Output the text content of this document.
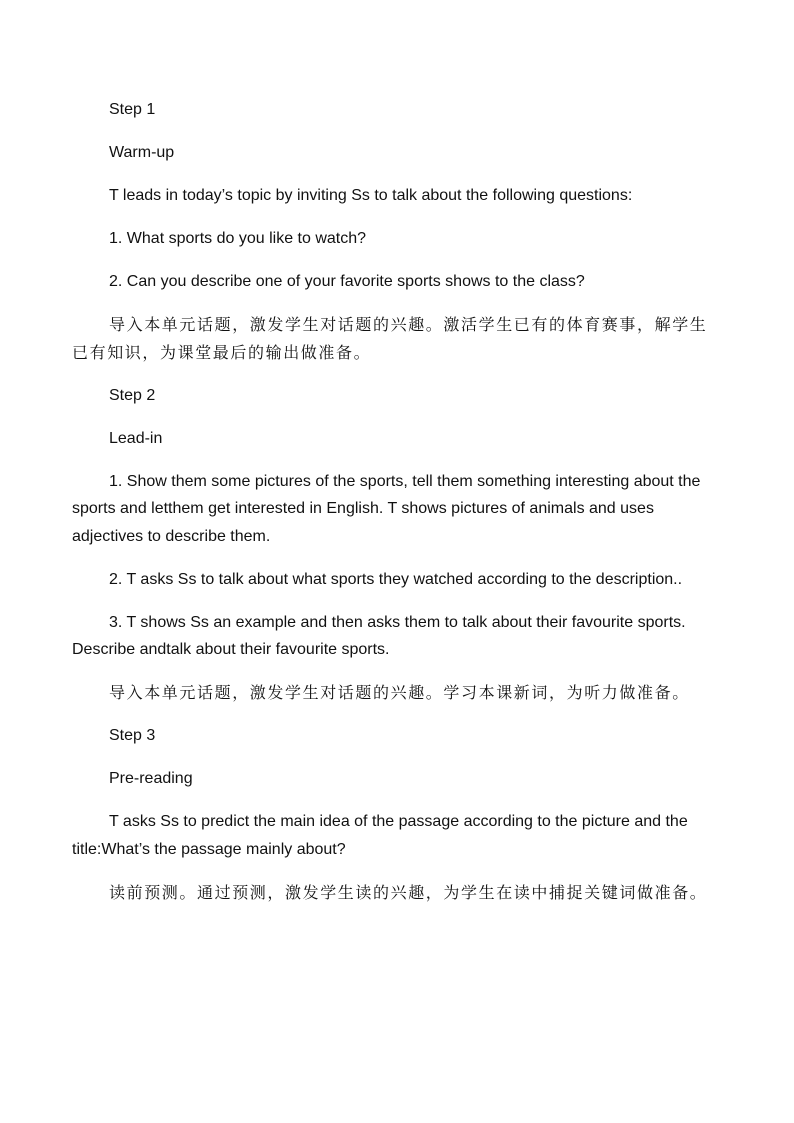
Step 1

Warm-up

T leads in today’s topic by inviting Ss to talk about the following questions:

1. What sports do you like to watch?

2. Can you describe one of your favorite sports shows to the class?

导入本单元话题，激发学生对话题的兴趣。激活学生已有的体育赛事，解学生已有知识，为课堂最后的输出做准备。

Step 2

Lead-in

1. Show them some pictures of the sports, tell them something interesting about the sports and letthem get interested in English. T shows pictures of animals and uses adjectives to describe them.

2. T asks Ss to talk about what sports they watched according to the description..

3. T shows Ss an example and then asks them to talk about their favourite sports. Describe andtalk about their favourite sports.

导入本单元话题，激发学生对话题的兴趣。学习本课新词，为听力做准备。

Step 3

Pre-reading

T asks Ss to predict the main idea of the passage according to the picture and the title:What’s the passage mainly about?

读前预测。通过预测，激发学生读的兴趣，为学生在读中捕捉关键词做准备。
